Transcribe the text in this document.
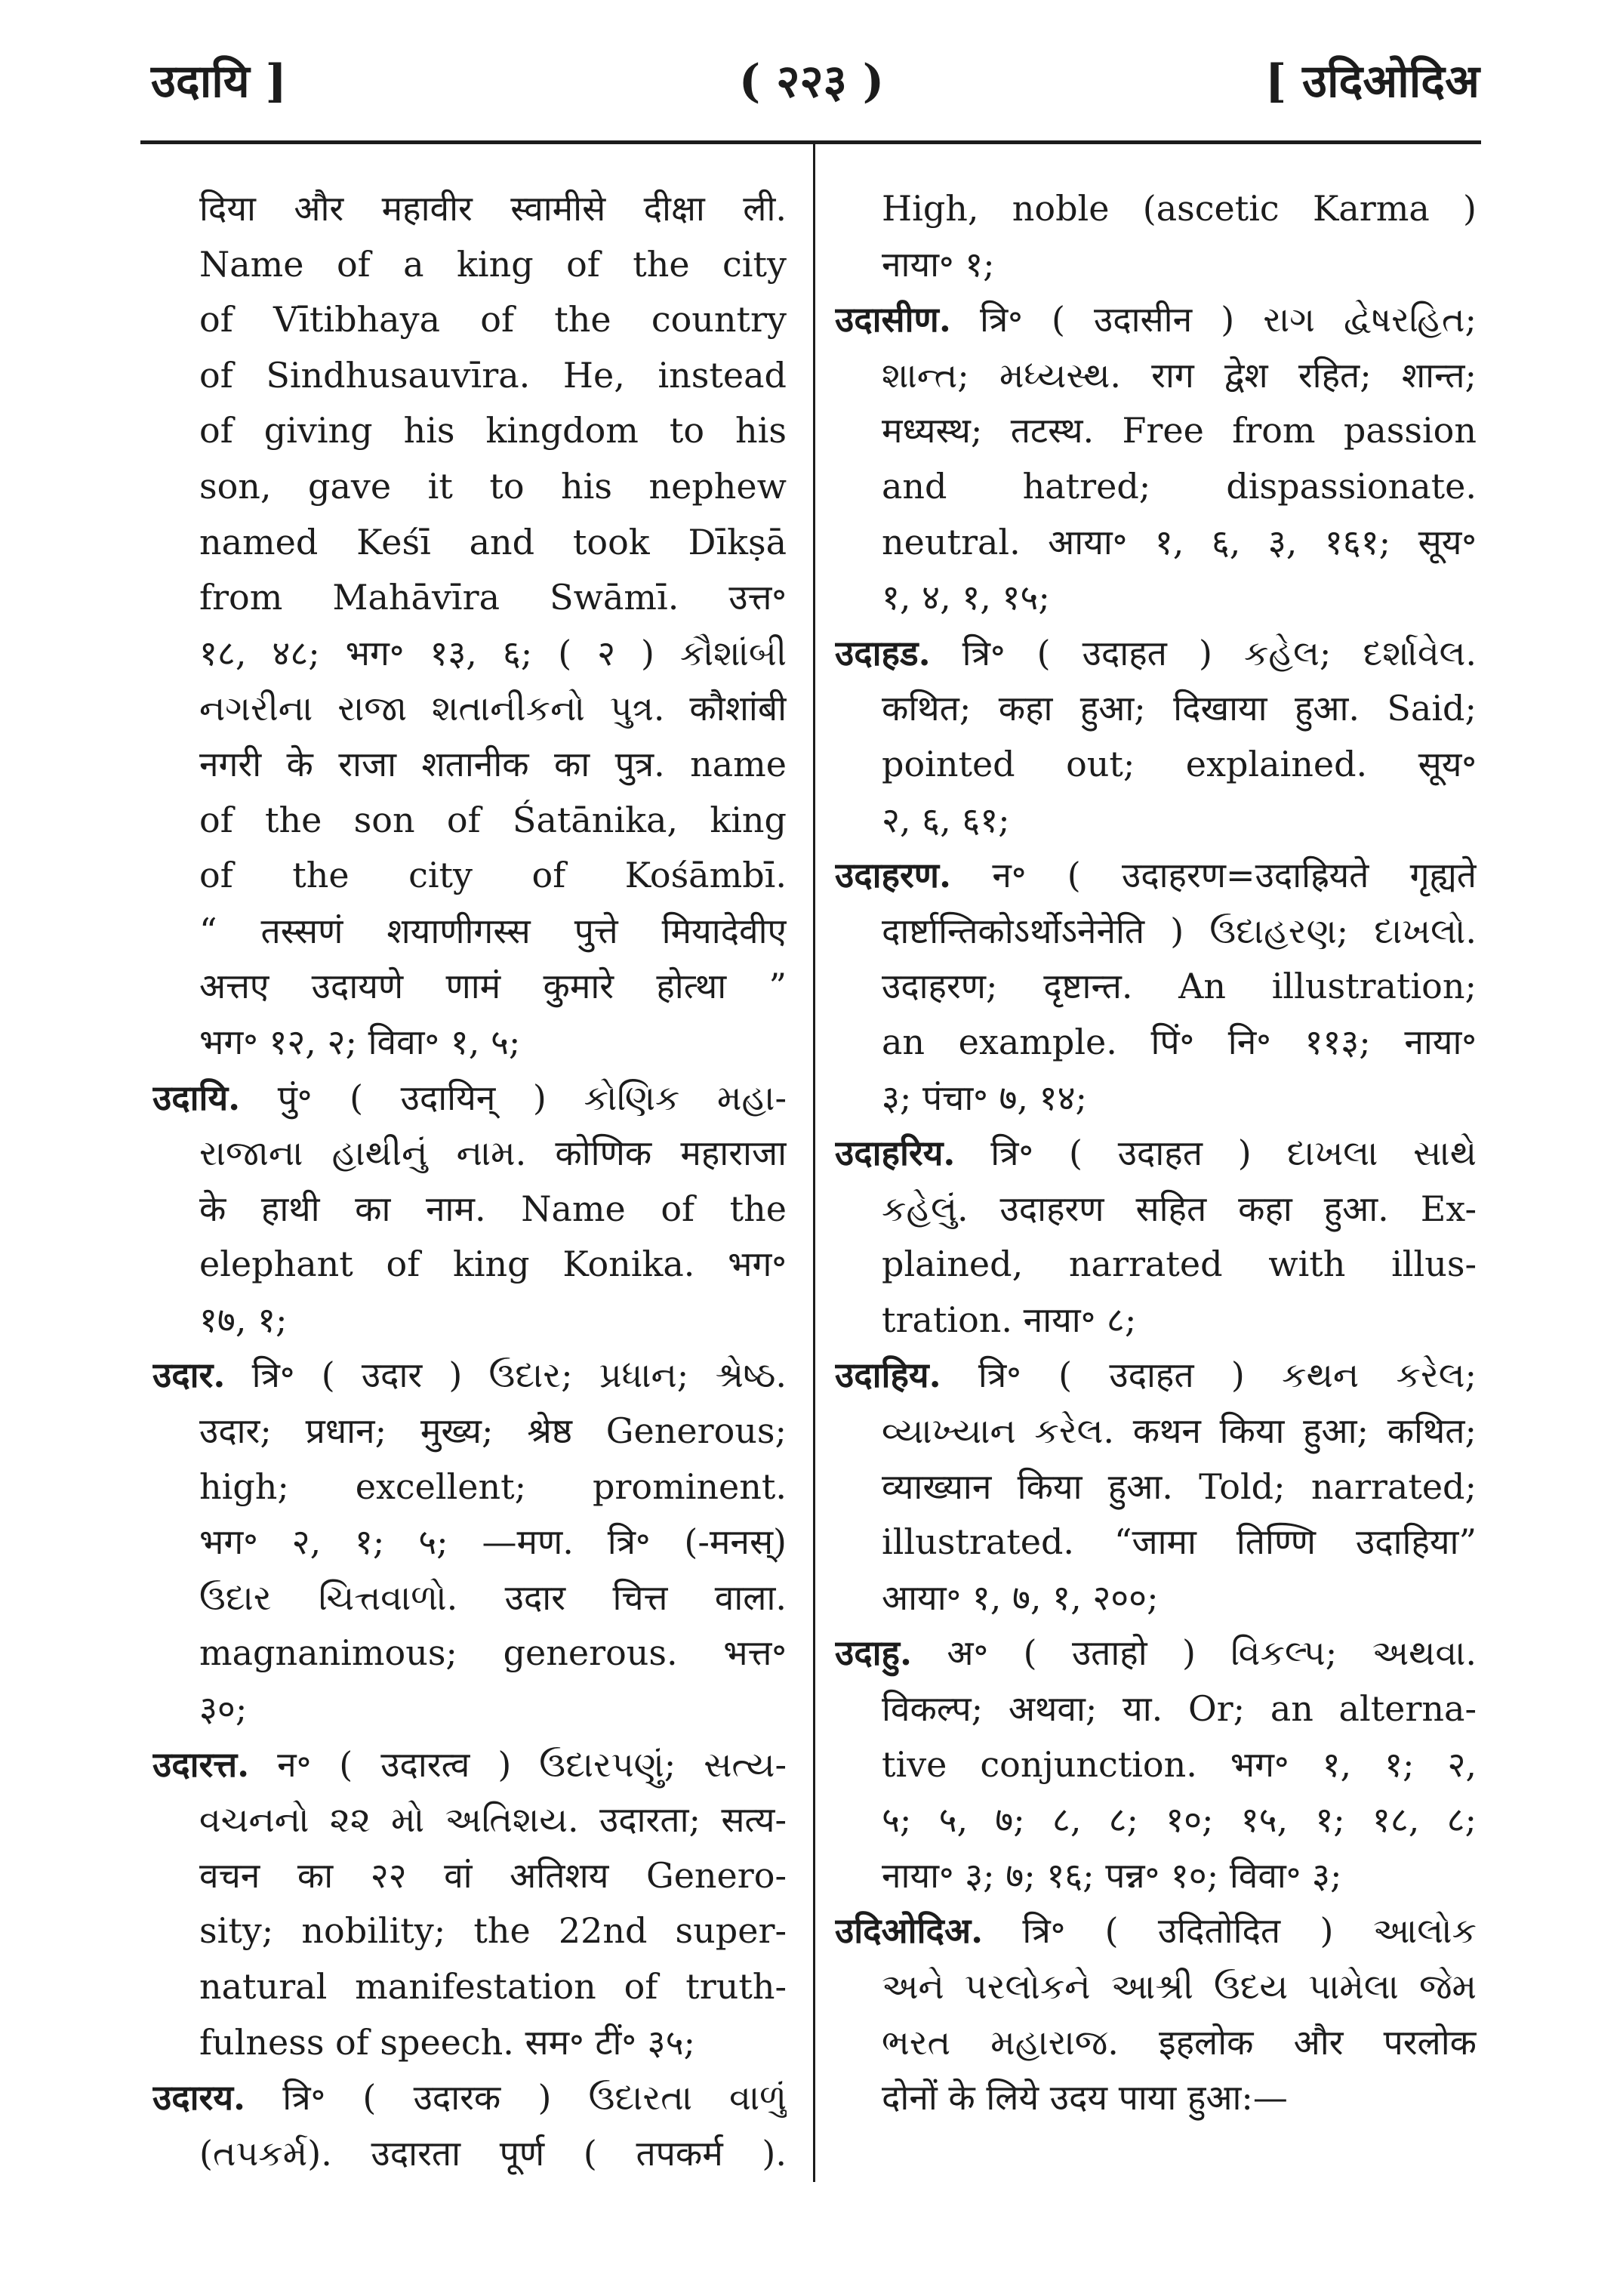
उदायि ]	( २२३ )	[ उदिओदिअ
दिया और महावीर स्वामीसे दीक्षा ली.
Name of a king of the city
of Vītibhaya of the country
of Sindhusauvīra. He, instead
of giving his kingdom to his
son, gave it to his nephew
named Keśī and took Dīkṣā
from Mahāvīra Swāmī. उत्त॰
१८, ४८; भग॰ १३, ६; ( २ ) કૌશાંબી
નગરીના રાજા શતાનીકનો પુત્ર. कौशांबी
नगरी के राजा शतानीक का पुत्र. name
of the son of Śatānika, king
of the city of Kośāmbī.
“ तस्सणं शयाणीगस्स पुत्ते मियादेवीए
अत्तए उदायणे णामं कुमारे होत्था ”
भग॰ १२, २; विवा॰ १, ५;
उदायि. पुं॰ ( उदायिन् ) કોણિક મહા-
રાજાના હાથીનું નામ. कोणिक महाराजा
के हाथी का नाम. Name of the
elephant of king Konika. भग॰
१७, १;
उदार. त्रि॰ ( उदार ) ઉદાર; પ્રધાન; શ્રેષ્ઠ.
उदार; प्रधान; मुख्य; श्रेष्ठ Generous;
high; excellent; prominent.
भग॰ २, १; ५; —मण. त्रि॰ (-मनस्)
ઉદાર ચિત્તવાળો. उदार चित्त वाला.
magnanimous; generous. भत्त॰
३०;
उदारत्त. न॰ ( उदारत्व ) ઉદારપણું; સત્ય-
વચનનો ૨૨ મો અતિશય. उदारता; सत्य-
वचन का २२ वां अतिशय Genero-
sity; nobility; the 22nd super-
natural manifestation of truth-
fulness of speech. सम॰ टीं॰ ३५;
उदारय. त्रि॰ ( उदारक ) ઉદારતા વાળું
(તપકર્મ). उदारता पूर्ण ( तपकर्म ).
High, noble (ascetic Karma )
नाया॰ १;
उदासीण. त्रि॰ ( उदासीन ) રાગ દ્વેષરહિત;
શાન્ત; મધ્યસ્થ. राग द्वेश रहित; शान्त;
मध्यस्थ; तटस्थ. Free from passion
and hatred; dispassionate.
neutral. आया॰ १, ६, ३, १६१; सूय॰
१, ४, १, १५;
उदाहड. त्रि॰ ( उदाहत ) કહેલ; દર્શાવેલ.
कथित; कहा हुआ; दिखाया हुआ. Said;
pointed out; explained. सूय॰
२, ६, ६१;
उदाहरण. न॰ ( उदाहरण=उदाह्रियते गृह्यते
दार्ष्टान्तिकोऽर्थोऽनेनेति ) ઉદાહરણ; દાખલો.
उदाहरण; दृष्टान्त. An illustration;
an example. पिं॰ नि॰ ११३; नाया॰
३; पंचा॰ ७, १४;
उदाहरिय. त्रि॰ ( उदाहत ) દાખલા સાથે
કહેલું. उदाहरण सहित कहा हुआ. Ex-
plained, narrated with illus-
tration. नाया॰ ८;
उदाहिय. त्रि॰ ( उदाहत ) કથન કરેલ;
વ્યાખ્યાન કરેલ. कथन किया हुआ; कथित;
व्याख्यान किया हुआ. Told; narrated;
illustrated. “जामा तिण्णि उदाहिया”
आया॰ १, ७, १, २००;
उदाहु. अ॰ ( उताहो ) વિકલ્પ; અથવા.
विकल्प; अथवा; या. Or; an alterna-
tive conjunction. भग॰ १, १; २,
५; ५, ७; ८, ८; १०; १५, १; १८, ८;
नाया॰ ३; ७; १६; पन्न॰ १०; विवा॰ ३;
उदिओदिअ. त्रि॰ ( उदितोदित ) આલોક
અને પરલોકને આશ્રી ઉદય પામેલા જેમ
ભરત મહારાજ. इहलोक और परलोक
दोनों के लिये उदय पाया हुआ:—
